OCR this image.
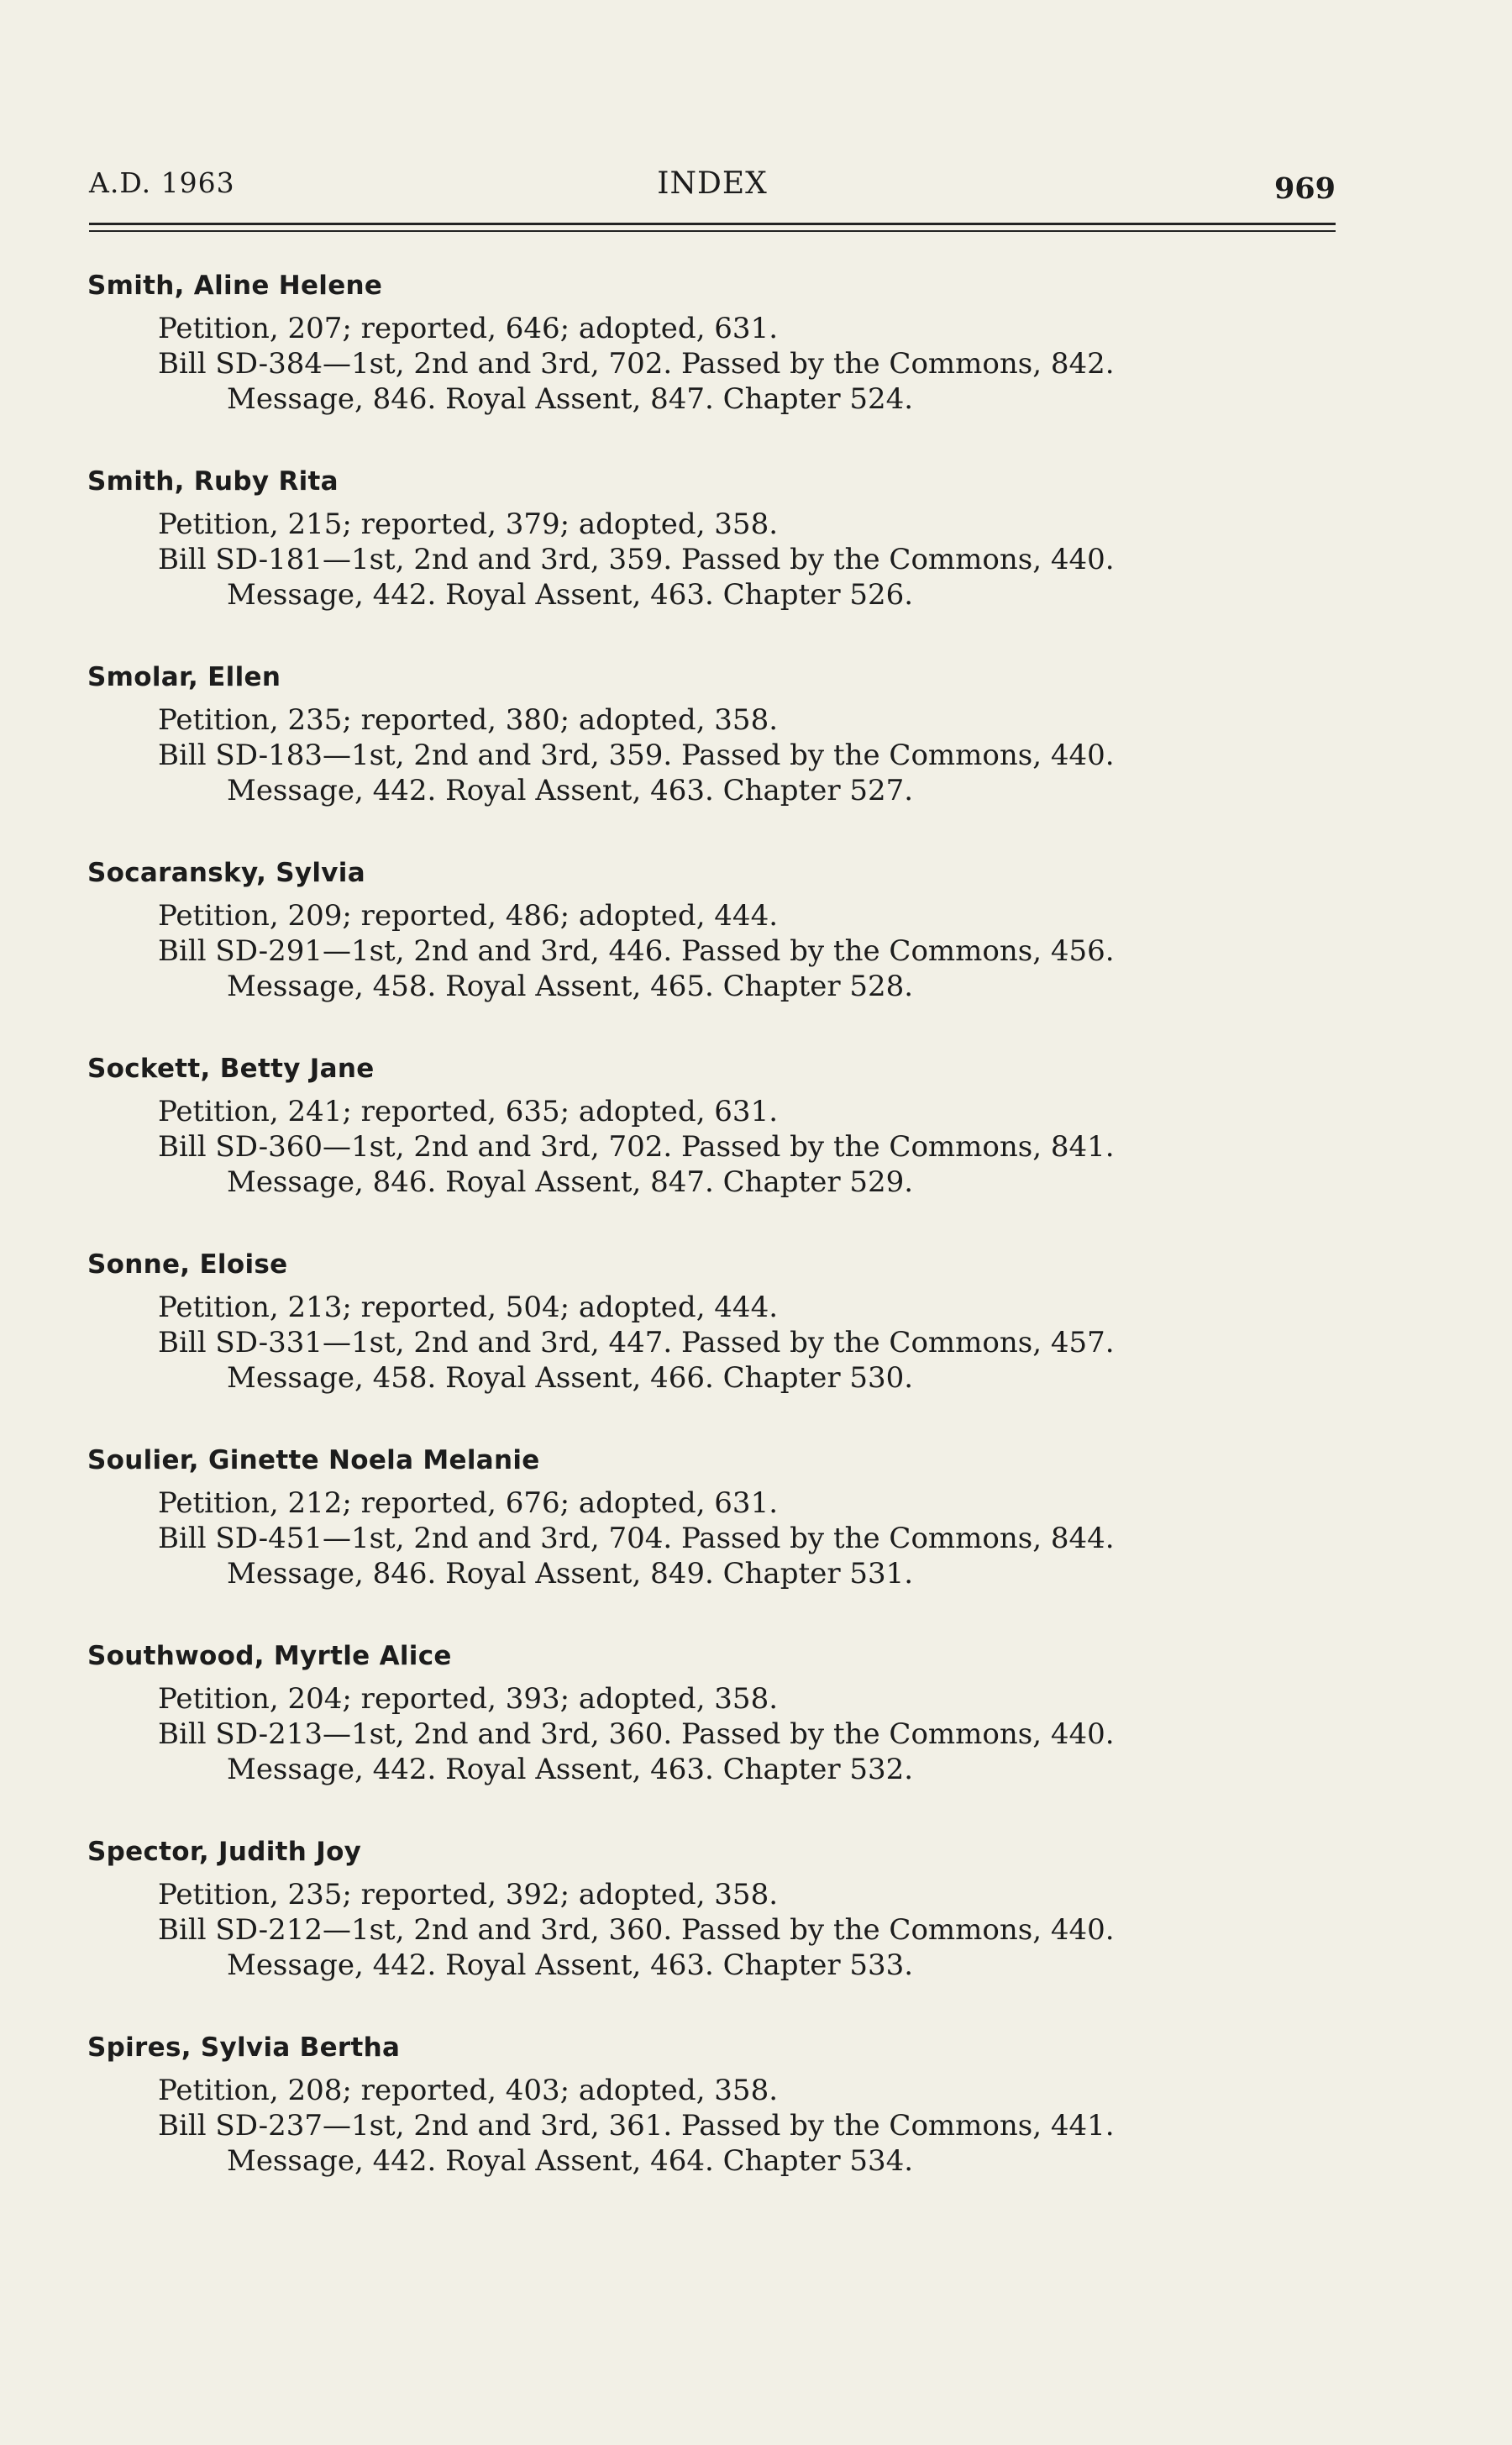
A.D. 1963	INDEX	969
Smith, Aline Helene
Petition, 207; reported, 646; adopted, 631.
Bill SD-384—1st, 2nd and 3rd, 702. Passed by the Commons, 842.
Message, 846. Royal Assent, 847. Chapter 524.
Smith, Ruby Rita
Petition, 215; reported, 379; adopted, 358.
Bill SD-181—1st, 2nd and 3rd, 359. Passed by the Commons, 440.
Message, 442. Royal Assent, 463. Chapter 526.
Smolar, Ellen
Petition, 235; reported, 380; adopted, 358.
Bill SD-183—1st, 2nd and 3rd, 359. Passed by the Commons, 440.
Message, 442. Royal Assent, 463. Chapter 527.
Socaransky, Sylvia
Petition, 209; reported, 486; adopted, 444.
Bill SD-291—1st, 2nd and 3rd, 446. Passed by the Commons, 456.
Message, 458. Royal Assent, 465. Chapter 528.
Sockett, Betty Jane
Petition, 241; reported, 635; adopted, 631.
Bill SD-360—1st, 2nd and 3rd, 702. Passed by the Commons, 841.
Message, 846. Royal Assent, 847. Chapter 529.
Sonne, Eloise
Petition, 213; reported, 504; adopted, 444.
Bill SD-331—1st, 2nd and 3rd, 447. Passed by the Commons, 457.
Message, 458. Royal Assent, 466. Chapter 530.
Soulier, Ginette Noela Melanie
Petition, 212; reported, 676; adopted, 631.
Bill SD-451—1st, 2nd and 3rd, 704. Passed by the Commons, 844.
Message, 846. Royal Assent, 849. Chapter 531.
Southwood, Myrtle Alice
Petition, 204; reported, 393; adopted, 358.
Bill SD-213—1st, 2nd and 3rd, 360. Passed by the Commons, 440.
Message, 442. Royal Assent, 463. Chapter 532.
Spector, Judith Joy
Petition, 235; reported, 392; adopted, 358.
Bill SD-212—1st, 2nd and 3rd, 360. Passed by the Commons, 440.
Message, 442. Royal Assent, 463. Chapter 533.
Spires, Sylvia Bertha
Petition, 208; reported, 403; adopted, 358.
Bill SD-237—1st, 2nd and 3rd, 361. Passed by the Commons, 441.
Message, 442. Royal Assent, 464. Chapter 534.
